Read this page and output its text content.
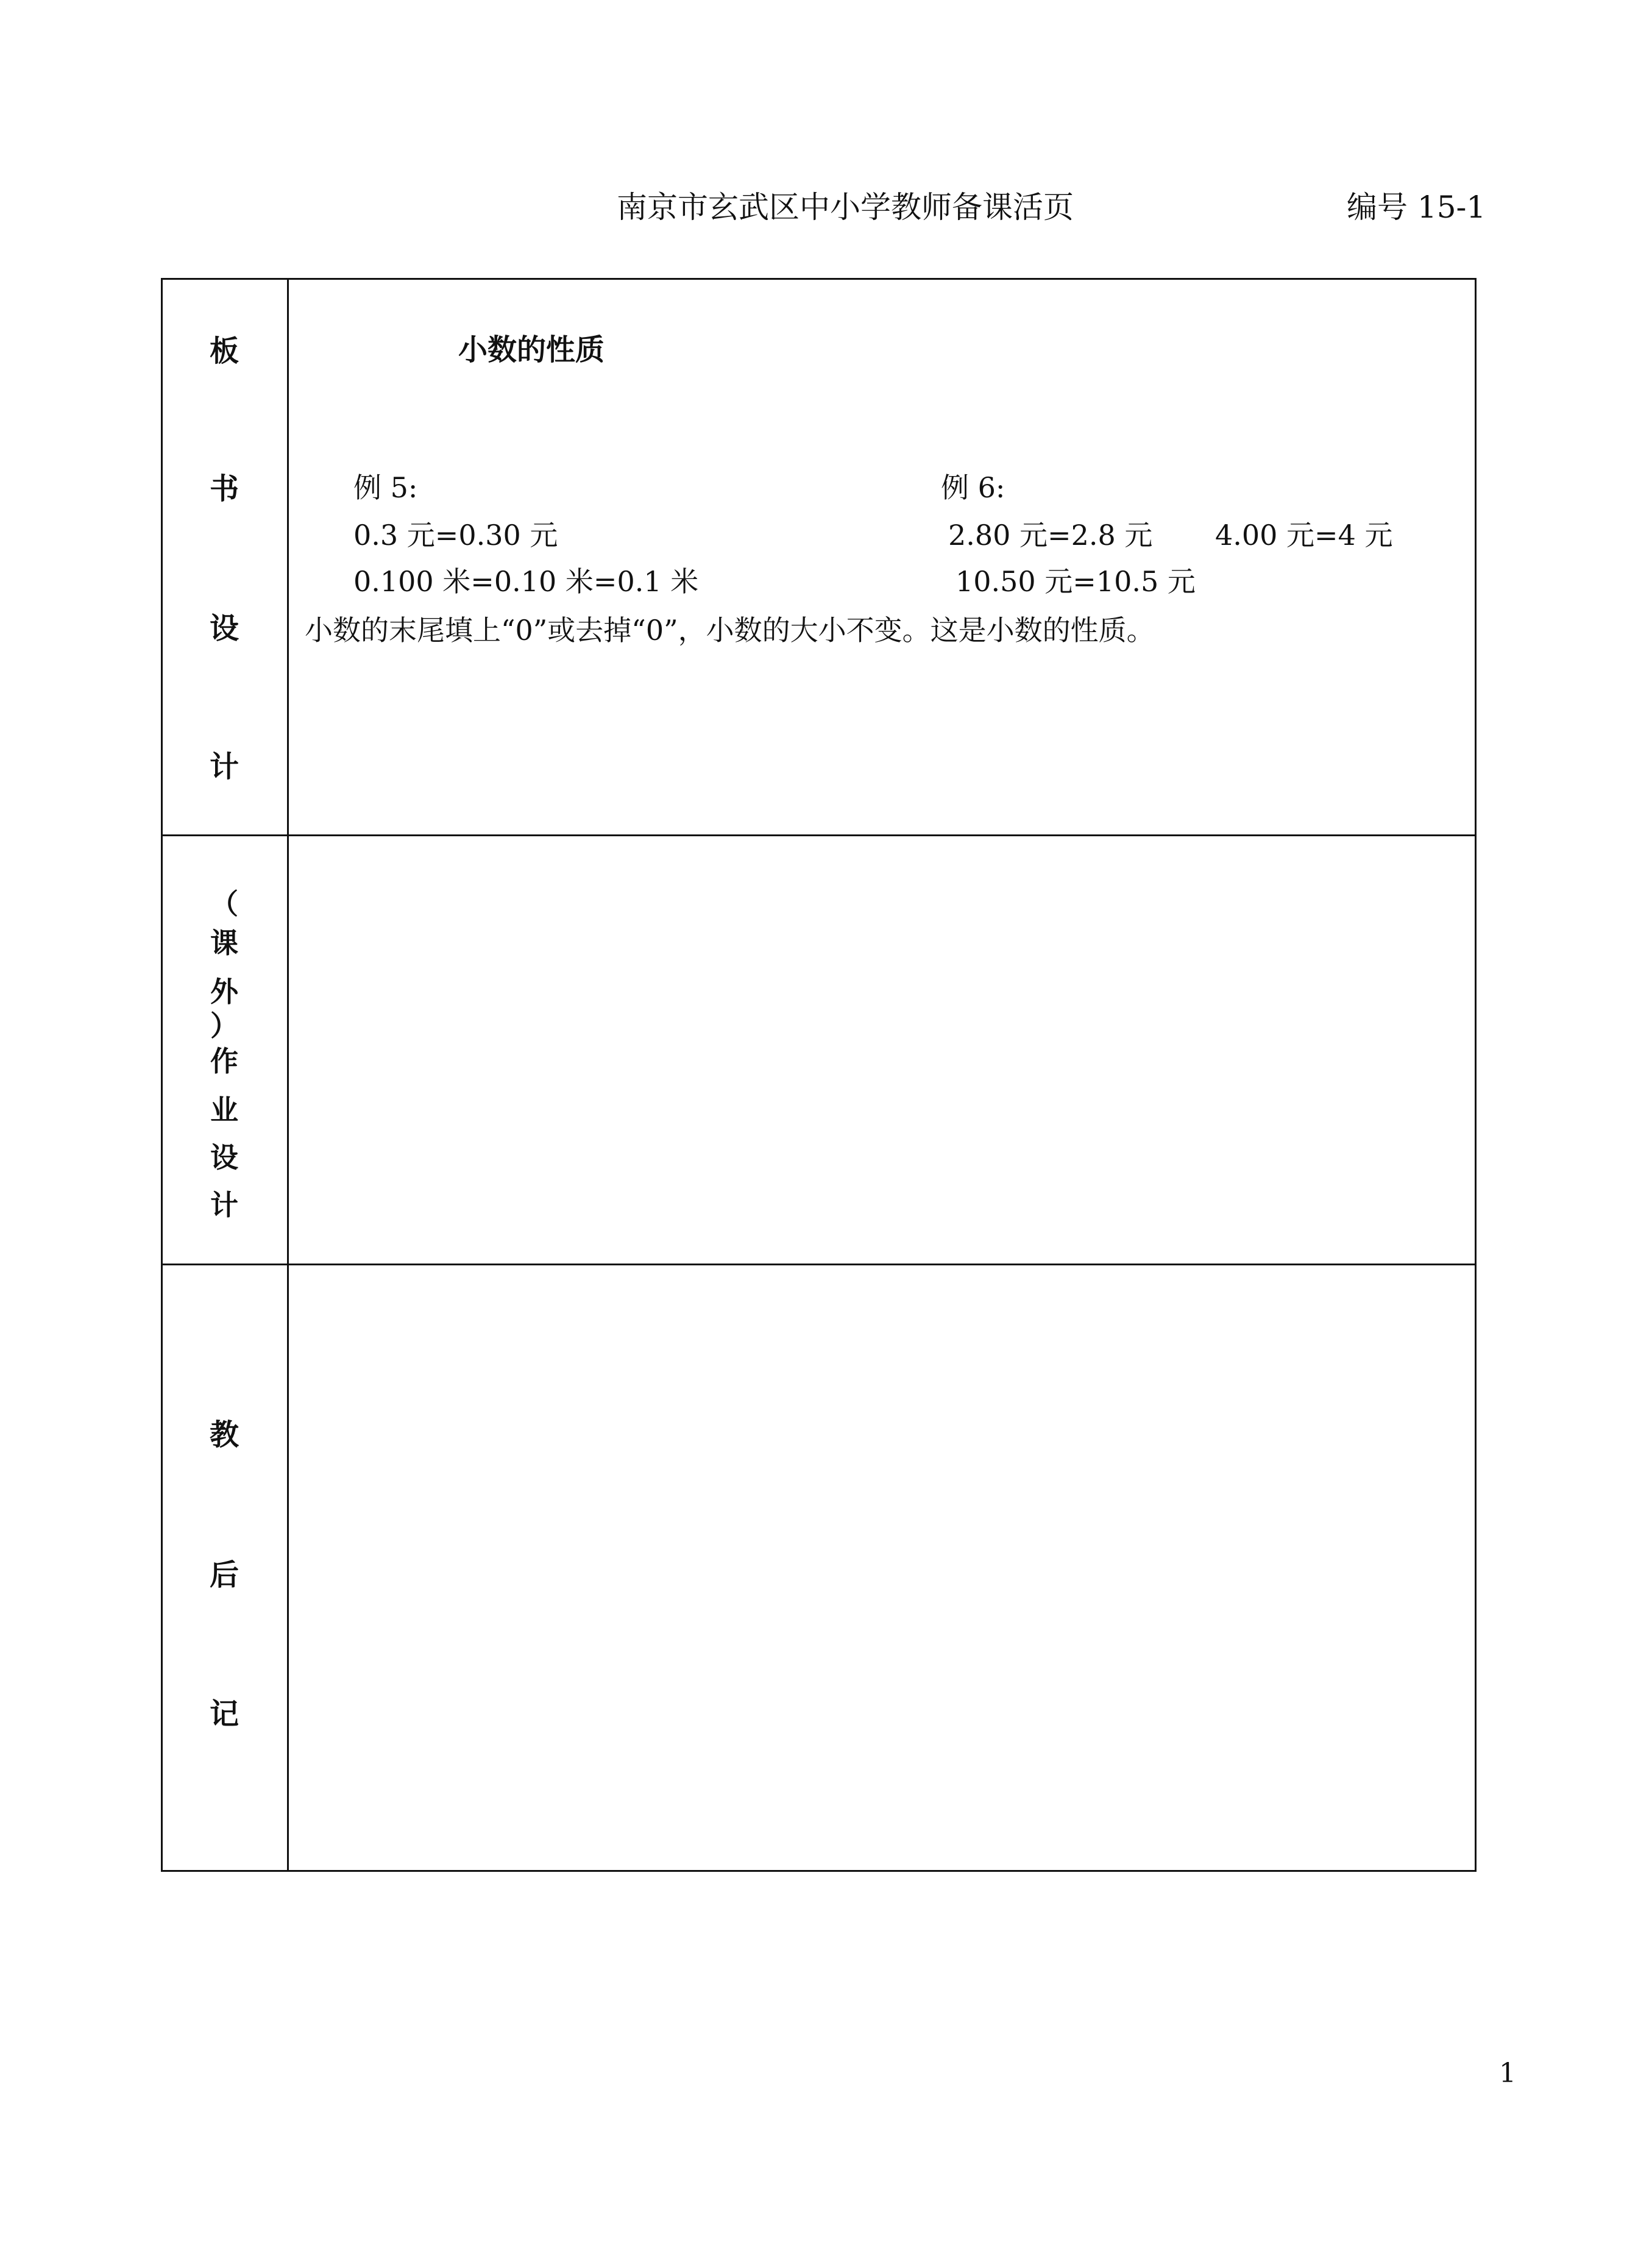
南京市玄武区中小学教师备课活页	编号 15-1
板
书
设
计
小数的性质
例 5:
0.3 元=0.30 元
0.100 米=0.10 米=0.1 米
例 6:
2.80 元=2.8 元 4.00 元=4 元
10.50 元=10.5 元
小数的末尾填上“0”或去掉“0”，小数的大小不变。这是小数的性质。
（
课
外
）
作
业
设
计
教
后
记
1
